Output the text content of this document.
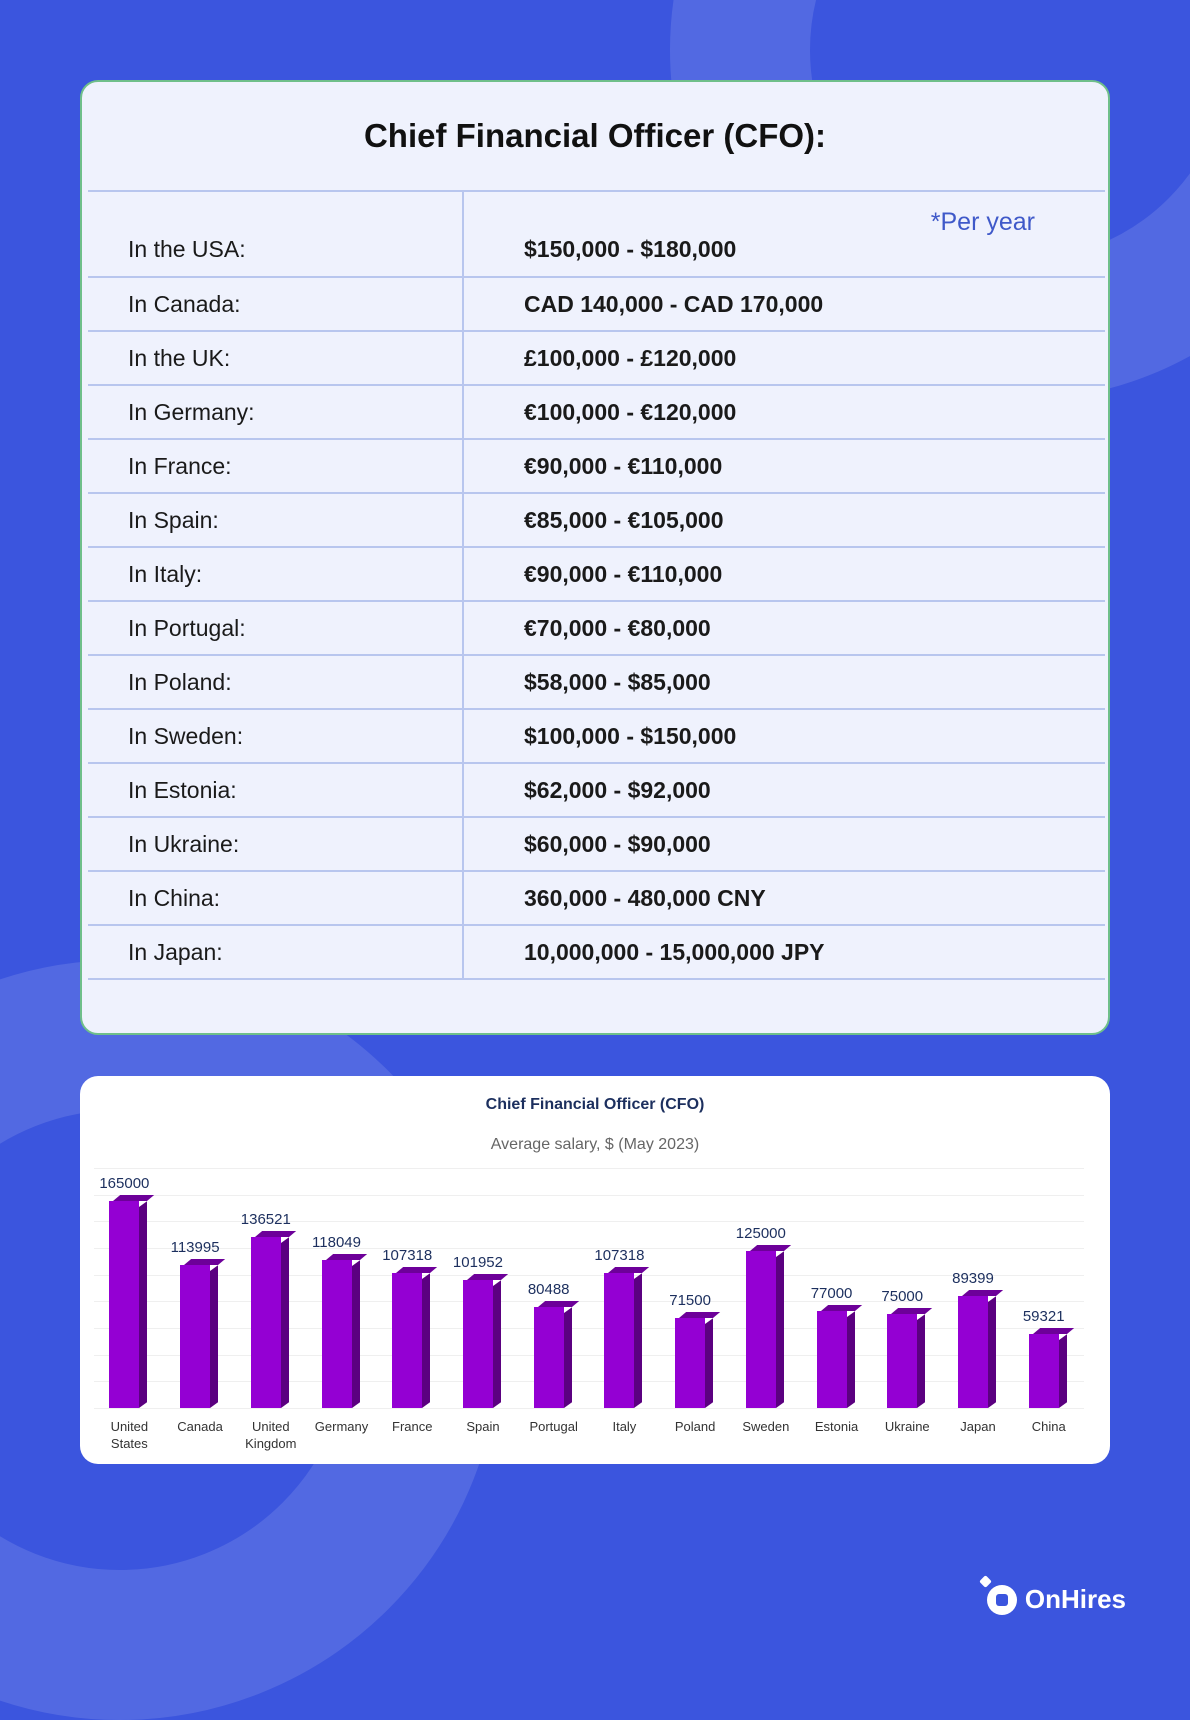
Chief Financial Officer (CFO):
In the USA:	$150,000 - $180,000
*Per year
In Canada:	CAD 140,000 - CAD 170,000
In the UK:	£100,000 - £120,000
In Germany:	€100,000 - €120,000
In France:	€90,000 - €110,000
In Spain:	€85,000 - €105,000
In Italy:	€90,000 - €110,000
In Portugal:	€70,000 - €80,000
In Poland:	$58,000 - $85,000
In Sweden:	$100,000 - $150,000
In Estonia:	$62,000 - $92,000
In Ukraine:	$60,000 - $90,000
In China:	360,000 - 480,000 CNY
In Japan:	10,000,000 - 15,000,000 JPY
Chief Financial Officer (CFO)
Average salary, $ (May 2023)
165000
113995
136521
118049
107318	101952
80488
107318
71500
125000
77000	75000
89399
59321
United States
Canada	United Kingdom
Germany	France	Spain	Portugal	Italy	Poland	Sweden	Estonia	Ukraine	Japan	China
OnHires
